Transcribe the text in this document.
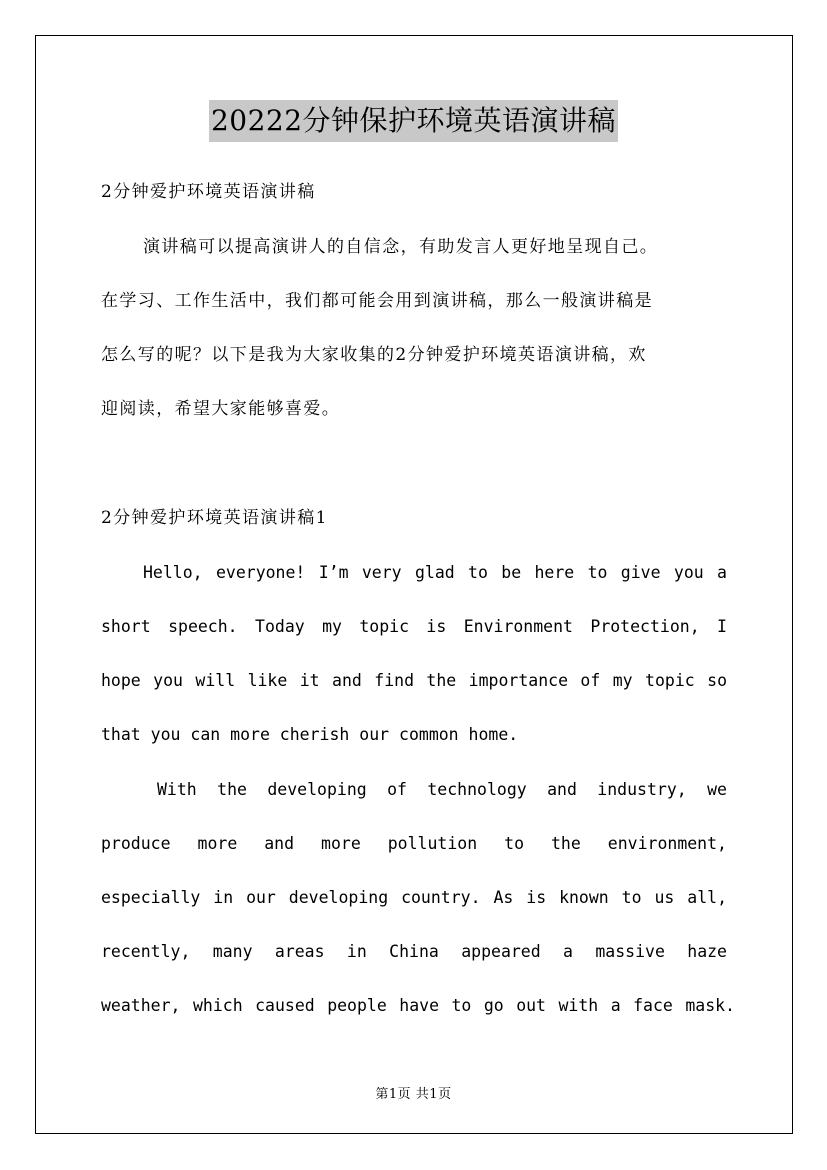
20222分钟保护环境英语演讲稿
2分钟爱护环境英语演讲稿
演讲稿可以提高演讲人的自信念，有助发言人更好地呈现自己。
在学习、工作生活中，我们都可能会用到演讲稿，那么一般演讲稿是
怎么写的呢？以下是我为大家收集的2分钟爱护环境英语演讲稿，欢
迎阅读，希望大家能够喜爱。
2分钟爱护环境英语演讲稿1
Hello, everyone! I’m very glad to be here to give you a
short speech. Today my topic is Environment Protection, I
hope you will like it and find the importance of my topic so
that you can more cherish our common home.
With the developing of technology and industry, we
produce more and more pollution to the environment,
especially in our developing country. As is known to us all,
recently, many areas in China appeared a massive haze
weather, which caused people have to go out with a face mask.
第1页 共1页
